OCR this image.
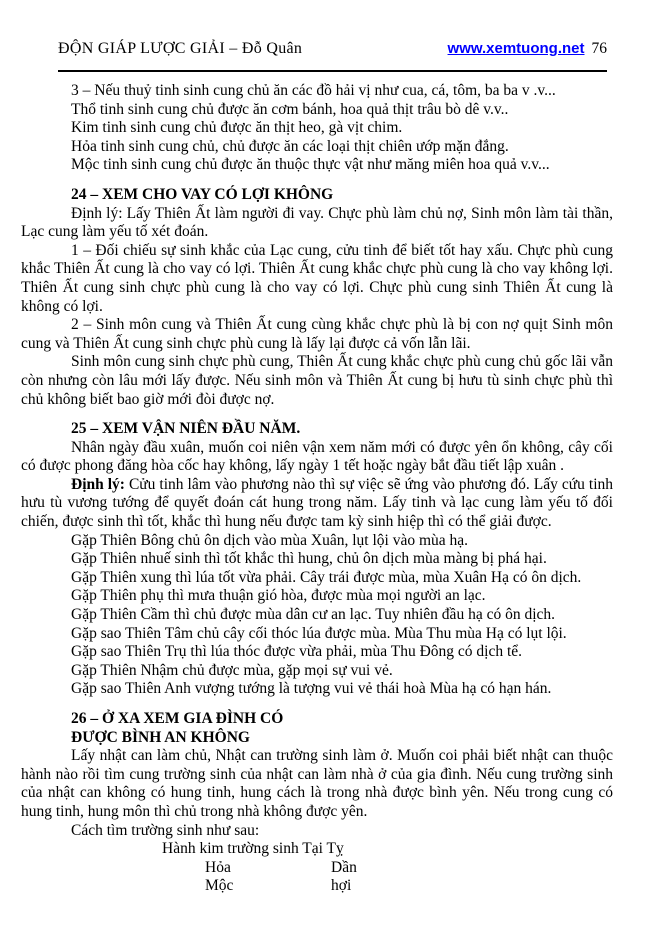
ĐỘN GIÁP LƯỢC GIẢI – Đỗ Quân	www.xemtuong.net 76

3 – Nếu thuỷ tinh sinh cung chủ ăn các đồ hải vị như cua, cá, tôm, ba ba v .v...

Thổ tinh sinh cung chủ được ăn cơm bánh, hoa quả thịt trâu bò dê v.v..

Kim tinh sinh cung chủ được ăn thịt heo, gà vịt chim.

Hỏa tinh sinh cung chủ, chủ được ăn các loại thịt chiên ướp mặn đắng.

Mộc tinh sinh cung chủ được ăn thuộc thực vật như măng miên hoa quả v.v...

24 – XEM CHO VAY CÓ LỢI KHÔNG

Định lý: Lấy Thiên Ất làm người đi vay. Chực phù làm chủ nợ, Sinh môn làm tài thần, Lạc cung làm yếu tố xét đoán.

1 – Đối chiếu sự sinh khắc của Lạc cung, cửu tinh để biết tốt hay xấu. Chực phù cung khắc Thiên Ất cung là cho vay có lợi. Thiên Ất cung khắc chực phù cung là cho vay không lợi. Thiên Ất cung sinh chực phù cung là cho vay có lợi. Chực phù cung sinh Thiên Ất cung là không có lợi.

2 – Sinh môn cung và Thiên Ất cung cùng khắc chực phù là bị con nợ quịt Sinh môn cung và Thiên Ất cung sinh chực phù cung là lấy lại được cả vốn lẫn lãi.

Sinh môn cung sinh chực phù cung, Thiên Ất cung khắc chực phù cung chủ gốc lãi vẫn còn nhưng còn lâu mới lấy được. Nếu sinh môn và Thiên Ất cung bị hưu tù sinh chực phù thì chủ không biết bao giờ mới đòi được nợ.

25 – XEM VẬN NIÊN ĐẦU NĂM.

Nhân ngày đầu xuân, muốn coi niên vận xem năm mới có được yên ổn không, cây cối có được phong đăng hòa cốc hay không, lấy ngày 1 tết hoặc ngày bắt đầu tiết lập xuân .

Định lý: Cửu tinh lâm vào phương nào thì sự việc sẽ ứng vào phương đó. Lấy cứu tinh hưu tù vương tướng để quyết đoán cát hung trong năm. Lấy tinh và lạc cung làm yếu tố đối chiến, được sinh thì tốt, khắc thì hung nếu được tam kỳ sinh hiệp thì có thể giải được.

Gặp Thiên Bông chủ ôn dịch vào mùa Xuân, lụt lội vào mùa hạ.

Gặp Thiên nhuế sinh thì tốt khắc thì hung, chủ ôn dịch mùa màng bị phá hại.

Gặp Thiên xung thì lúa tốt vừa phải. Cây trái được mùa, mùa Xuân Hạ có ôn dịch.

Gặp Thiên phụ thì mưa thuận gió hòa, được mùa mọi người an lạc.

Gặp Thiên Cầm thì chủ được mùa dân cư an lạc. Tuy nhiên đầu hạ có ôn dịch.

Gặp sao Thiên Tâm chủ cây cối thóc lúa được mùa. Mùa Thu mùa Hạ có lụt lội.

Gặp sao Thiên Trụ thì lúa thóc được vừa phải, mùa Thu Đông có dịch tể.

Gặp Thiên Nhậm chủ được mùa, gặp mọi sự vui vẻ.

Gặp sao Thiên Anh vượng tướng là tượng vui vẻ thái hoà Mùa hạ có hạn hán.

26 – Ở XA XEM GIA ĐÌNH CÓ

ĐƯỢC BÌNH AN KHÔNG

Lấy nhật can làm chủ, Nhật can trường sinh làm ở. Muốn coi phải biết nhật can thuộc hành nào rồi tìm cung trường sinh của nhật can làm nhà ở của gia đình. Nếu cung trường sinh của nhật can không có hung tinh, hung cách là trong nhà được bình yên. Nếu trong cung có hung tinh, hung môn thì chủ trong nhà không được yên.

Cách tìm trường sinh như sau:

Hành kim trường sinh Tại Tỵ

Hỏa	Dần

Mộc	hợi
